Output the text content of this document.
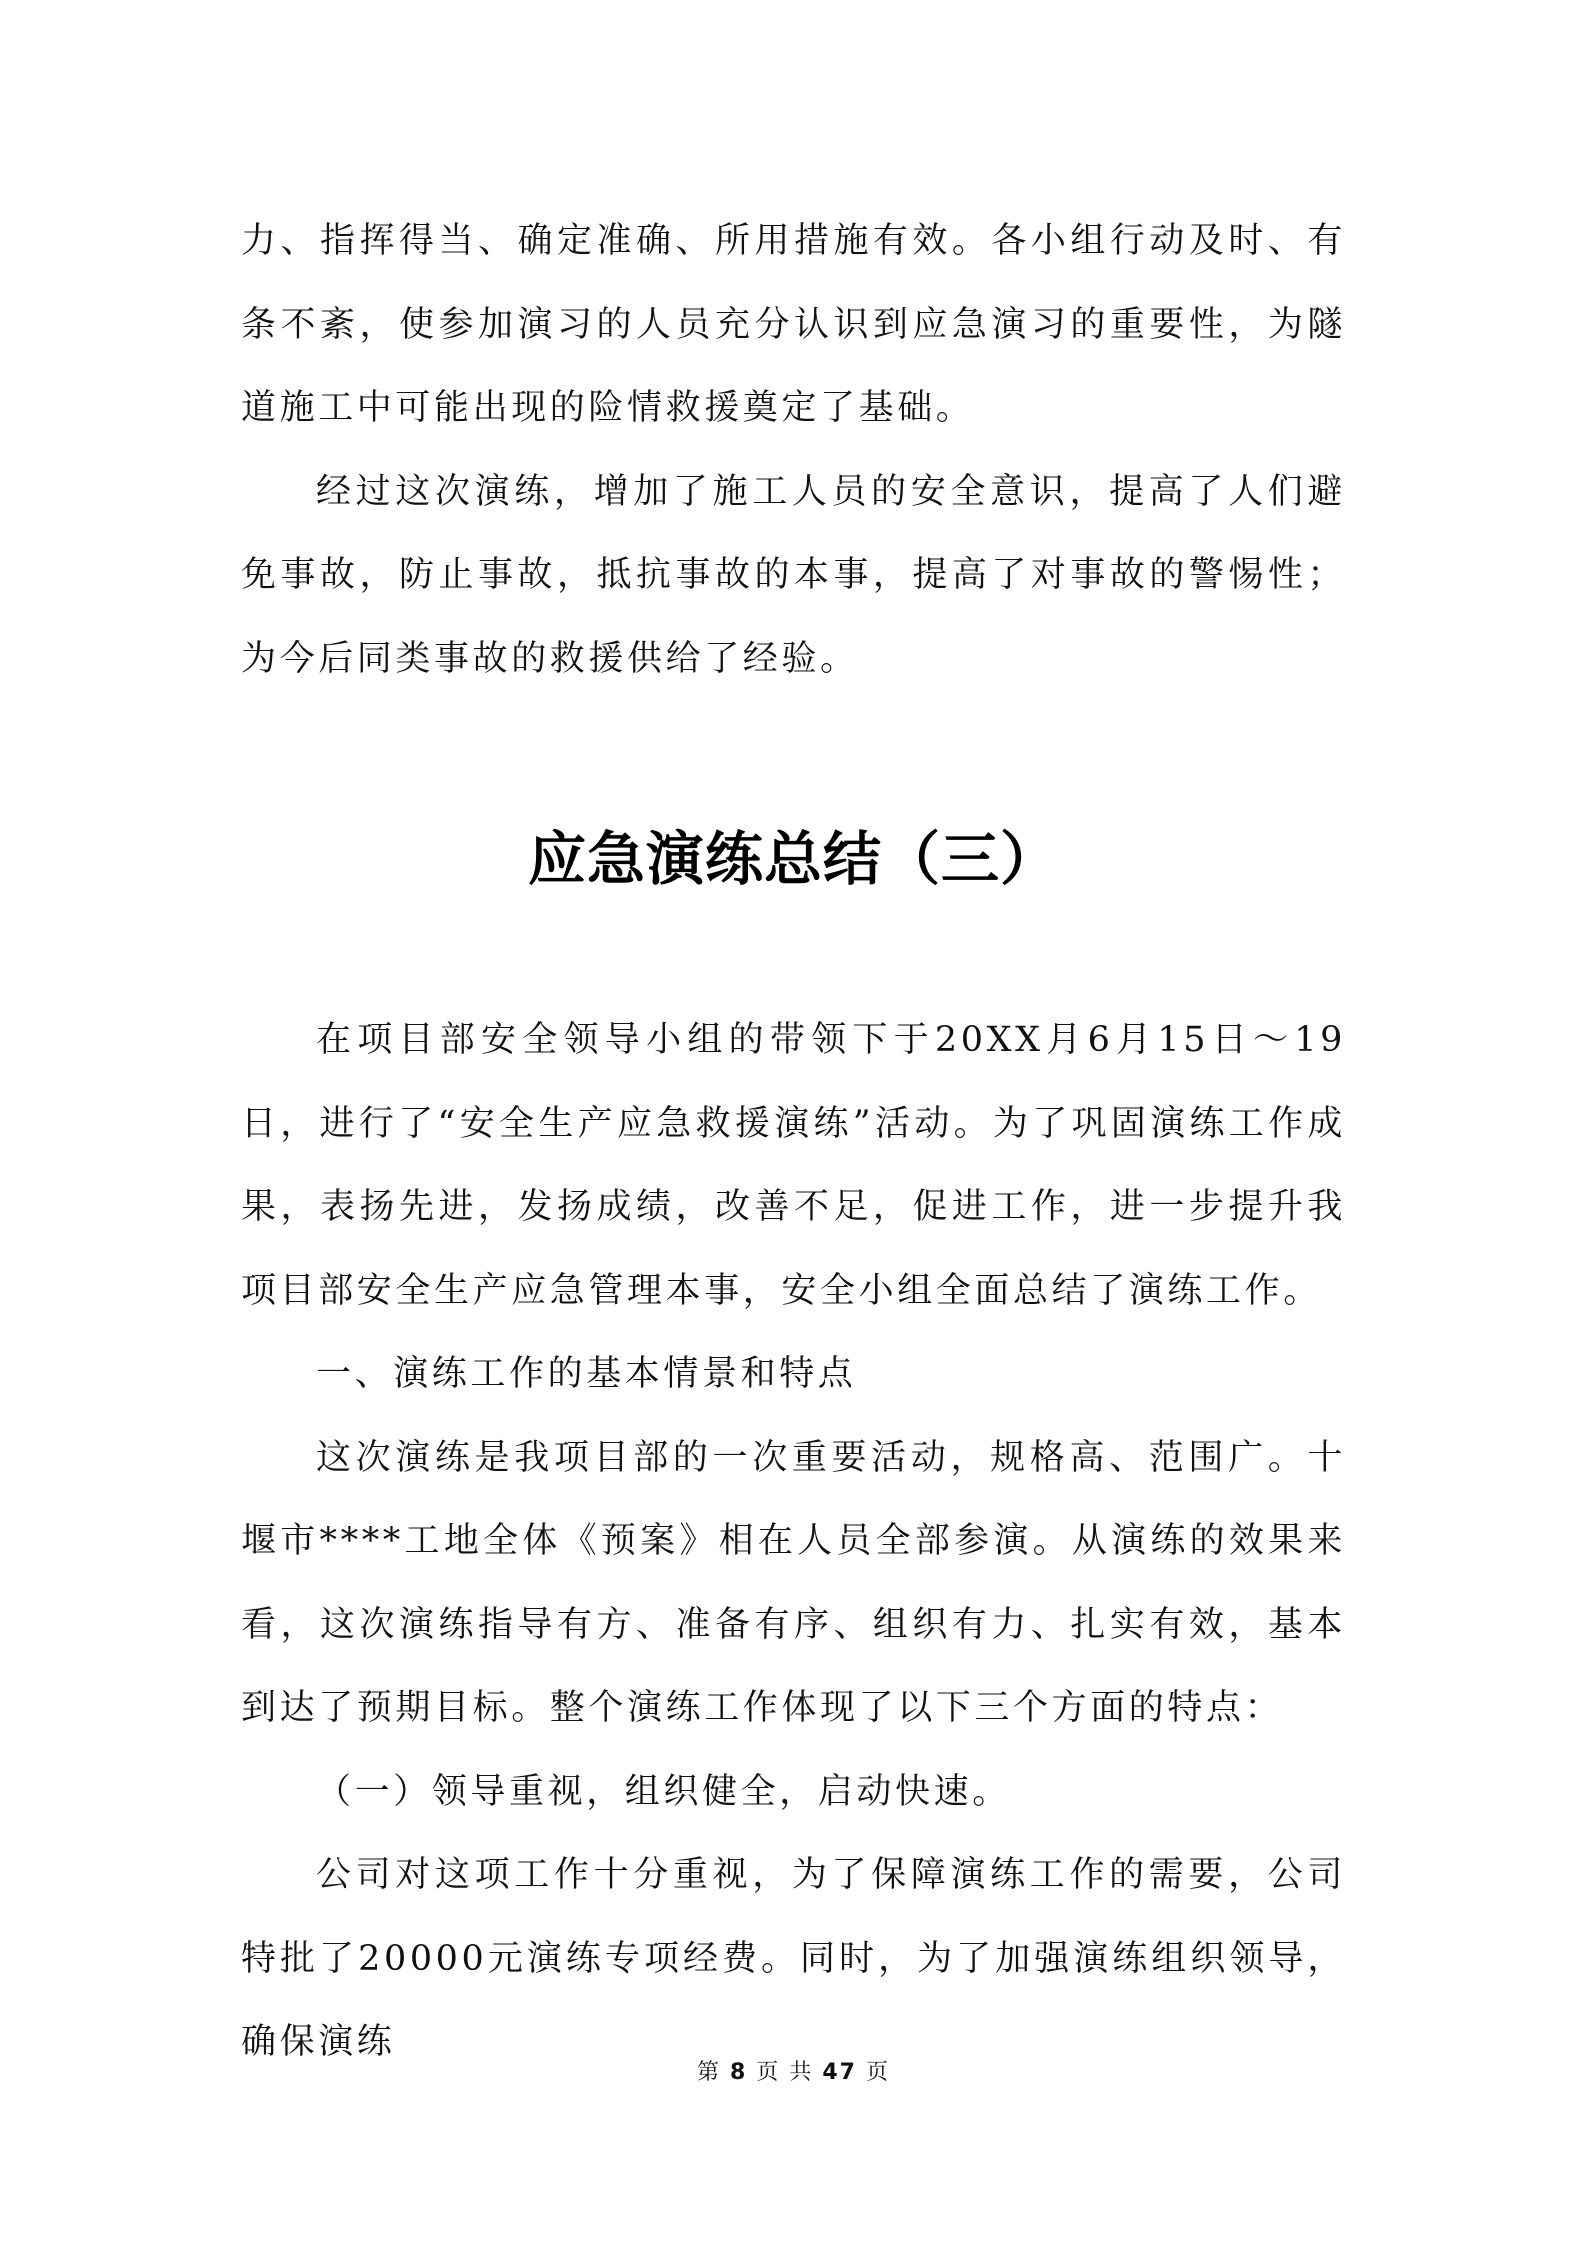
力、指挥得当、确定准确、所用措施有效。各小组行动及时、有条不紊，使参加演习的人员充分认识到应急演习的重要性，为隧道施工中可能出现的险情救援奠定了基础。

经过这次演练，增加了施工人员的安全意识，提高了人们避免事故，防止事故，抵抗事故的本事，提高了对事故的警惕性；为今后同类事故的救援供给了经验。

应急演练总结（三）

在项目部安全领导小组的带领下于20XX月6月15日～19日，进行了“安全生产应急救援演练”活动。为了巩固演练工作成果，表扬先进，发扬成绩，改善不足，促进工作，进一步提升我项目部安全生产应急管理本事，安全小组全面总结了演练工作。

一、演练工作的基本情景和特点

这次演练是我项目部的一次重要活动，规格高、范围广。十堰市****工地全体《预案》相在人员全部参演。从演练的效果来看，这次演练指导有方、准备有序、组织有力、扎实有效，基本到达了预期目标。整个演练工作体现了以下三个方面的特点：

（一）领导重视，组织健全，启动快速。

公司对这项工作十分重视，为了保障演练工作的需要，公司特批了20000元演练专项经费。同时，为了加强演练组织领导，确保演练

第 8 页 共 47 页
